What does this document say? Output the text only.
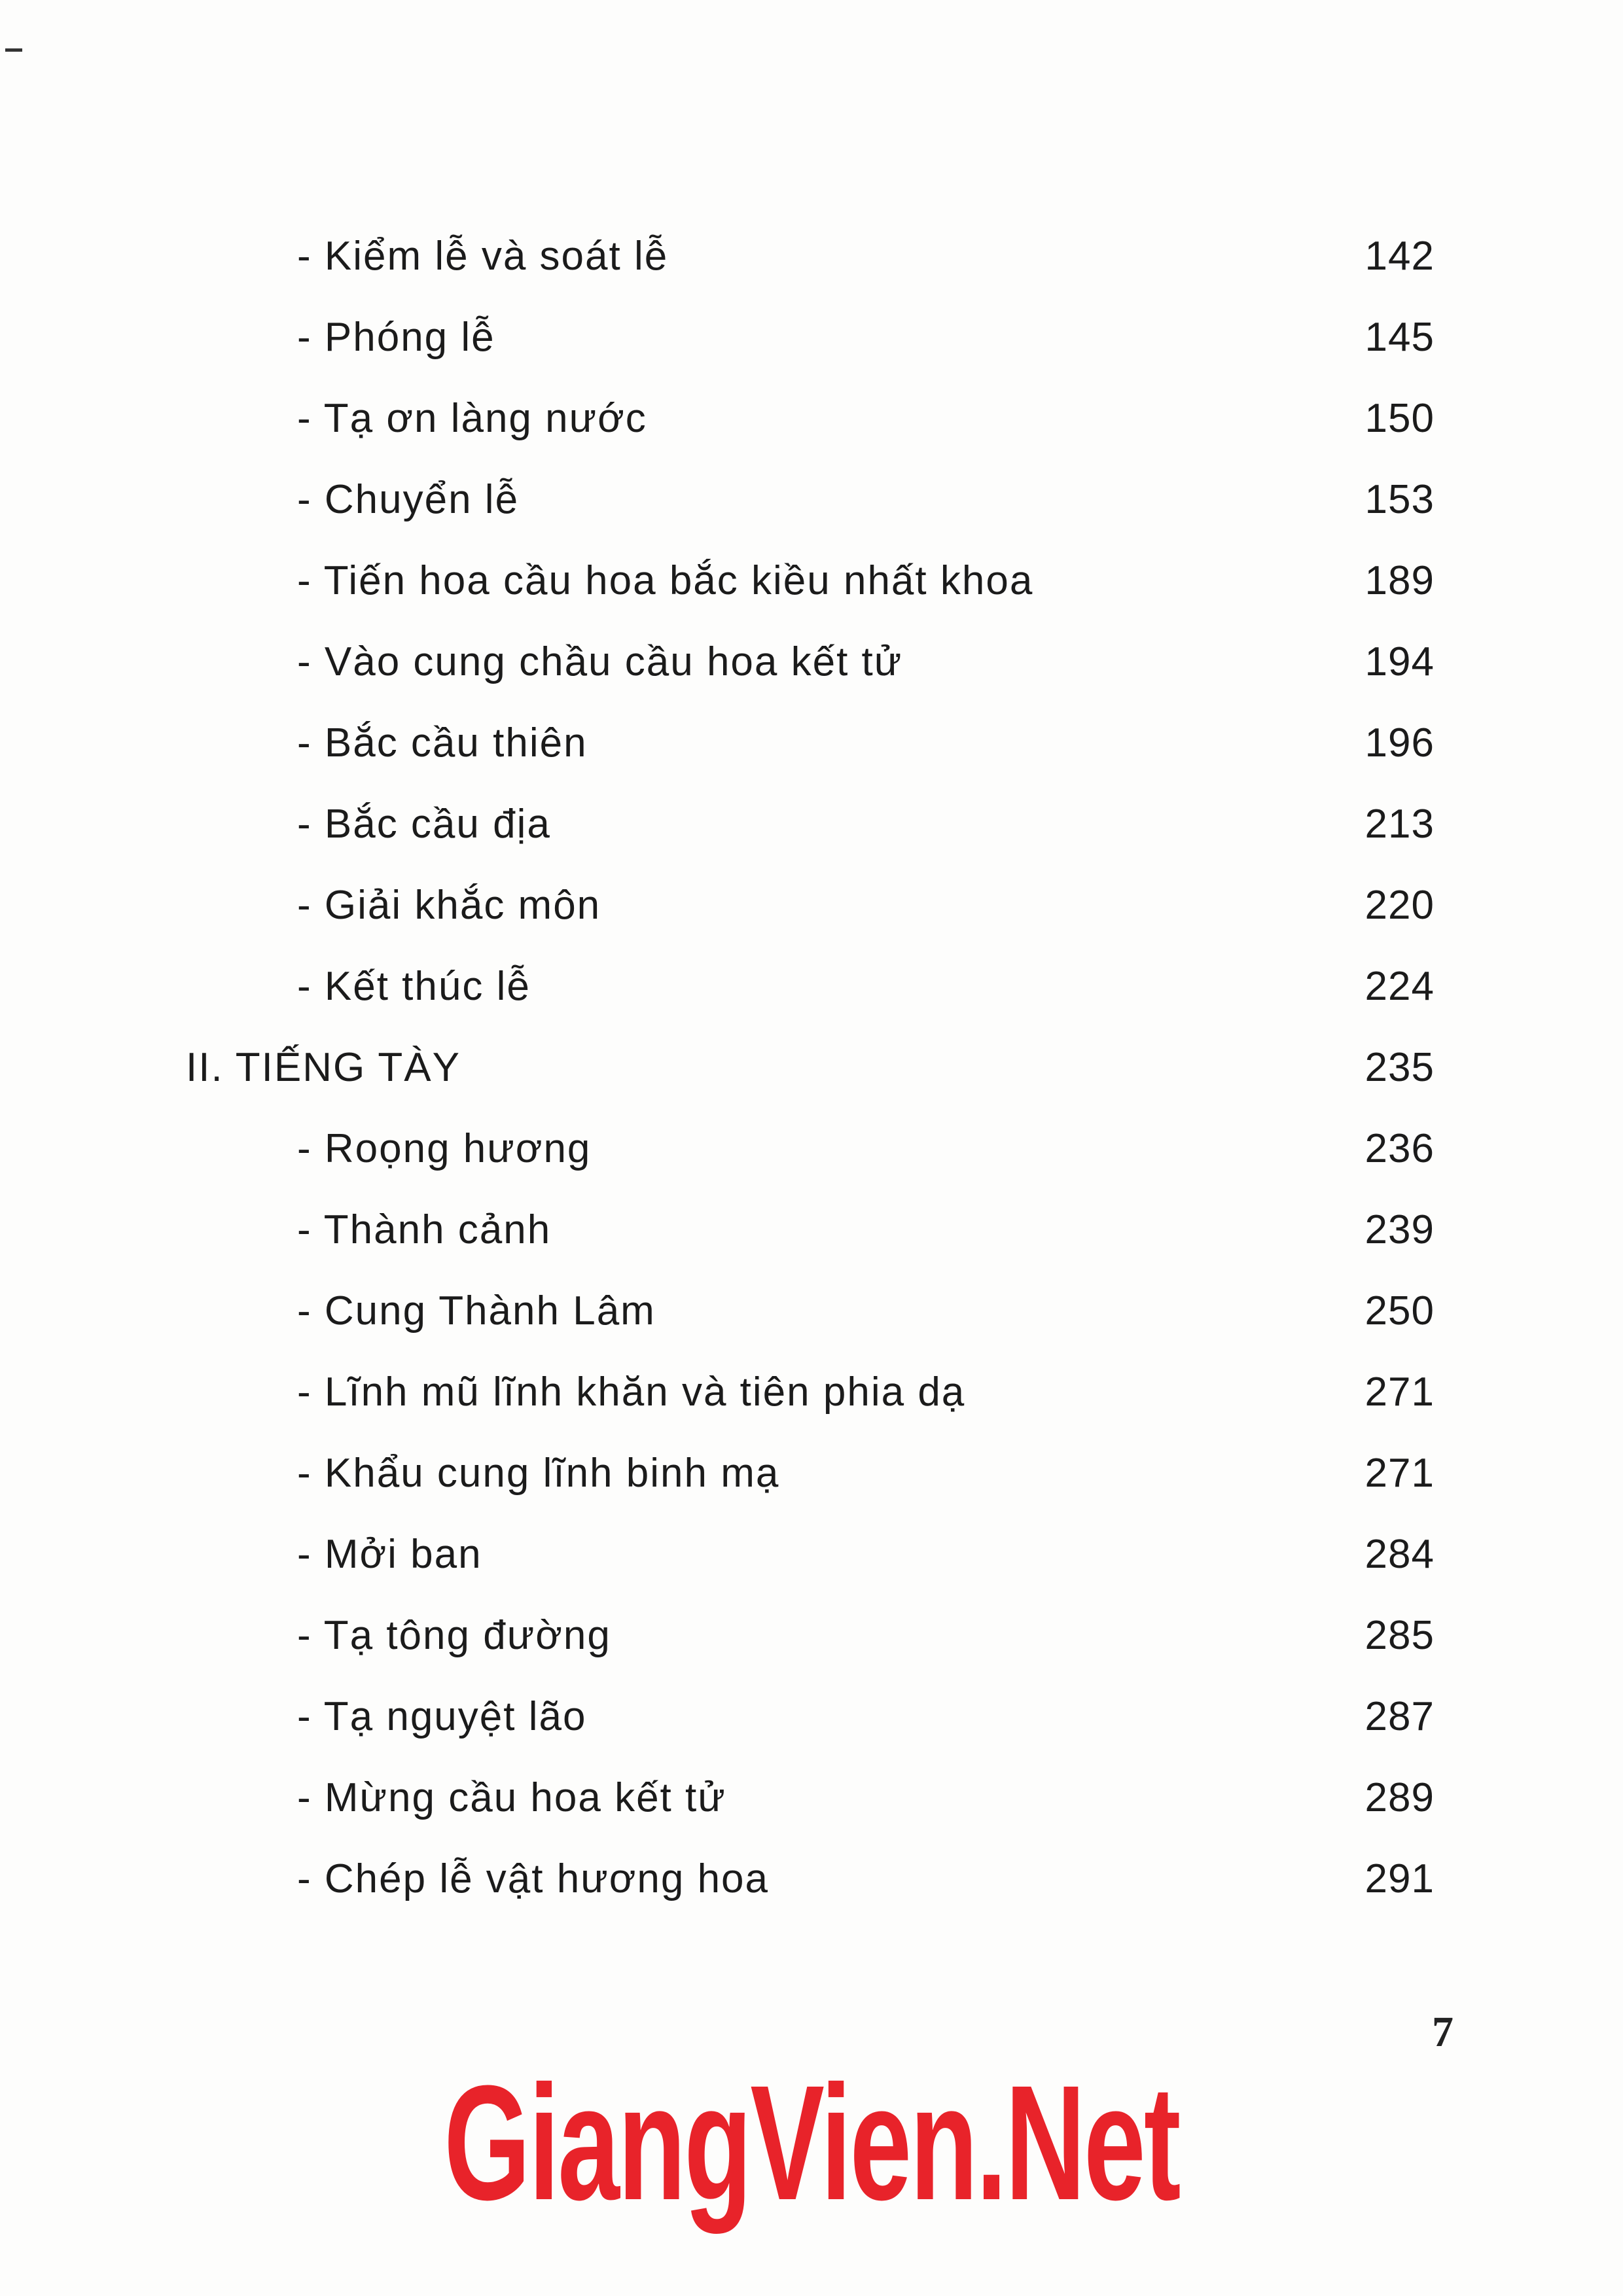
- Kiểm lễ và soát lễ	142
- Phóng lễ	145
- Tạ ơn làng nước	150
- Chuyển lễ	153
- Tiến hoa cầu hoa bắc kiều nhất khoa	189
- Vào cung chầu cầu hoa kết tử	194
- Bắc cầu thiên	196
- Bắc cầu địa	213
- Giải khắc môn	220
- Kết thúc lễ	224
II. TIẾNG TÀY	235
- Roọng hương	236
- Thành cảnh	239
- Cung Thành Lâm	250
- Lĩnh mũ lĩnh khăn và tiên phia dạ	271
- Khẩu cung lĩnh binh mạ	271
- Mởi ban	284
- Tạ tông đường	285
- Tạ nguyệt lão	287
- Mừng cầu hoa kết tử	289
- Chép lễ vật hương hoa	291
7
GiangVien.Net
